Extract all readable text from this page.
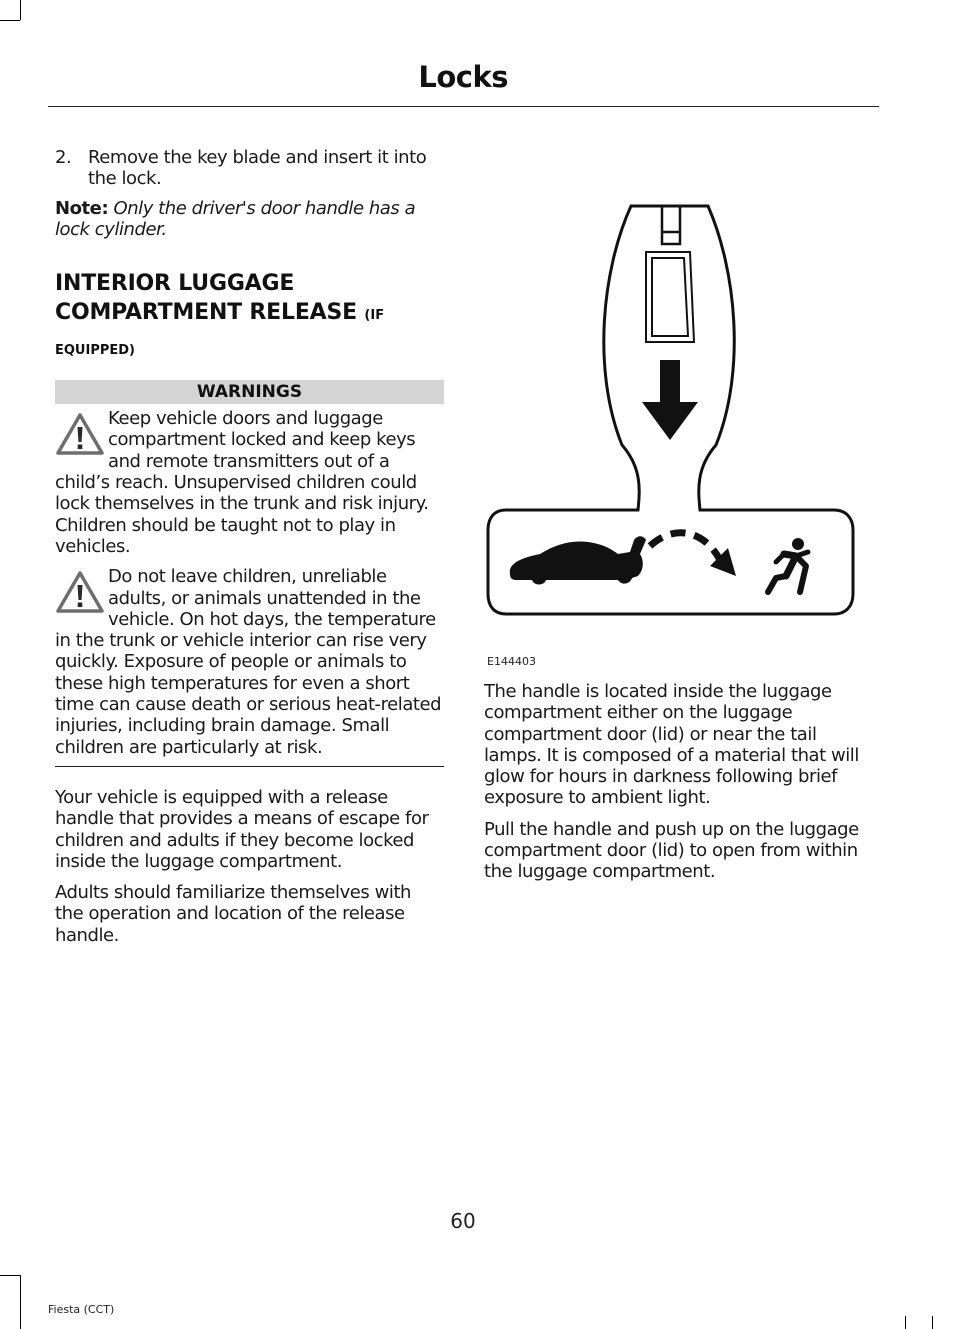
Locks
2. Remove the key blade and insert it into the lock.
Note: Only the driver's door handle has a lock cylinder.
INTERIOR LUGGAGE COMPARTMENT RELEASE (IF
EQUIPPED)
WARNINGS
Keep vehicle doors and luggage compartment locked and keep keys and remote transmitters out of a child’s reach. Unsupervised children could lock themselves in the trunk and risk injury. Children should be taught not to play in vehicles.
Do not leave children, unreliable adults, or animals unattended in the vehicle. On hot days, the temperature in the trunk or vehicle interior can rise very quickly. Exposure of people or animals to these high temperatures for even a short time can cause death or serious heat-related injuries, including brain damage. Small children are particularly at risk.

Your vehicle is equipped with a release handle that provides a means of escape for children and adults if they become locked inside the luggage compartment.

Adults should familiarize themselves with the operation and location of the release handle.

E144403

The handle is located inside the luggage compartment either on the luggage compartment door (lid) or near the tail lamps. It is composed of a material that will glow for hours in darkness following brief exposure to ambient light.

Pull the handle and push up on the luggage compartment door (lid) to open from within the luggage compartment.

60
Fiesta (CCT)
